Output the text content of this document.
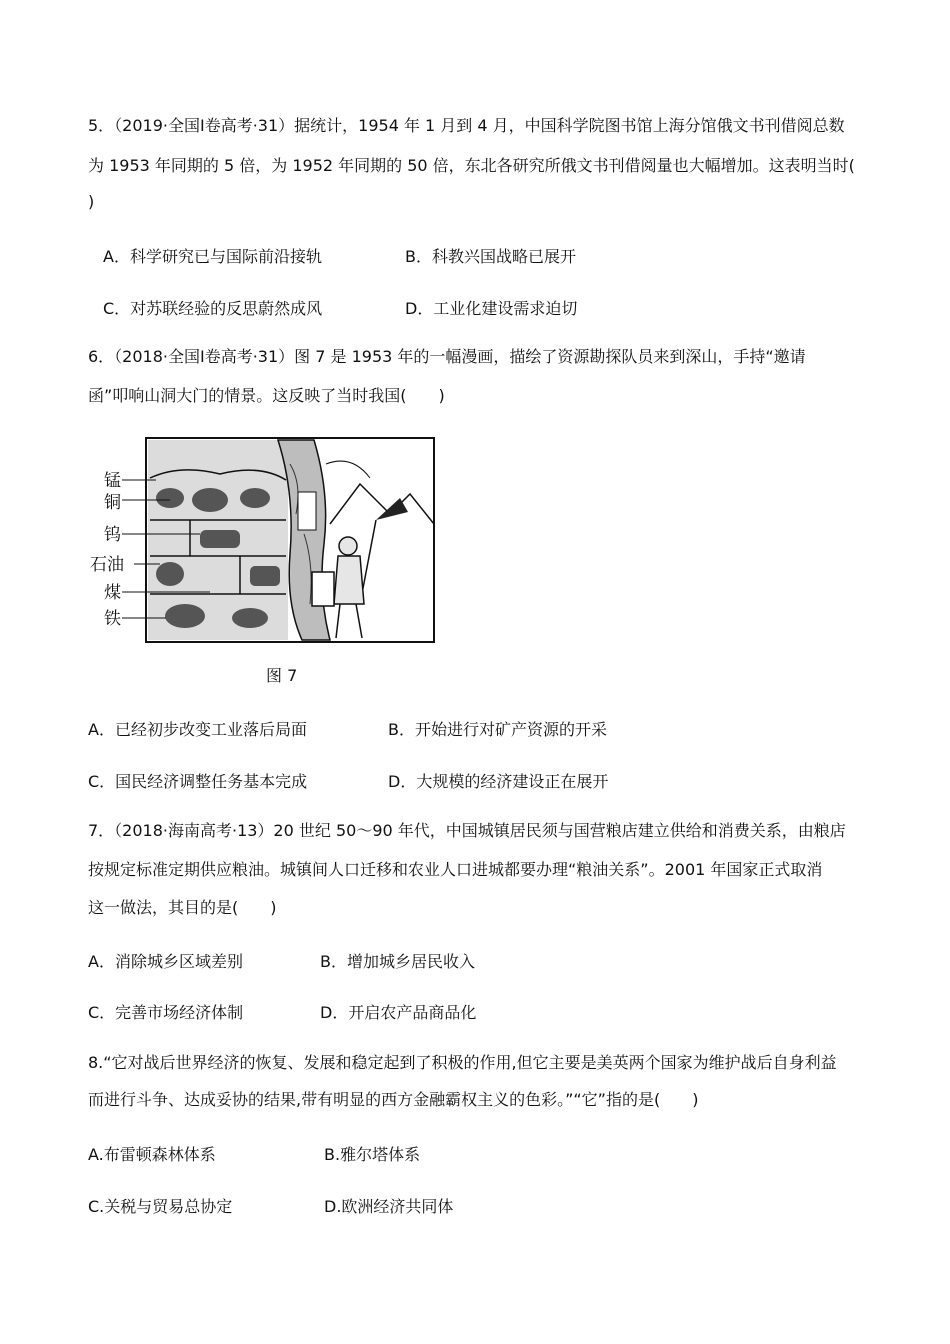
5．（2019·全国Ⅰ卷高考·31）据统计，1954 年 1 月到 4 月，中国科学院图书馆上海分馆俄文书刊借阅总数
为 1953 年同期的 5 倍，为 1952 年同期的 50 倍，东北各研究所俄文书刊借阅量也大幅增加。这表明当时(
)
A．科学研究已与国际前沿接轨	B．科教兴国战略已展开
C．对苏联经验的反思蔚然成风	D．工业化建设需求迫切
6．（2018·全国Ⅰ卷高考·31）图 7 是 1953 年的一幅漫画，描绘了资源勘探队员来到深山，手持“邀请
函”叩响山洞大门的情景。这反映了当时我国(　　)
锰
铜
钨
石油
煤
铁
图 7
A．已经初步改变工业落后局面	B．开始进行对矿产资源的开采
C．国民经济调整任务基本完成	D．大规模的经济建设正在展开
7．（2018·海南高考·13）20 世纪 50～90 年代，中国城镇居民须与国营粮店建立供给和消费关系，由粮店
按规定标准定期供应粮油。城镇间人口迁移和农业人口进城都要办理“粮油关系”。2001 年国家正式取消
这一做法，其目的是(　　)
A．消除城乡区域差别	B．增加城乡居民收入
C．完善市场经济体制	D．开启农产品商品化
8.“它对战后世界经济的恢复、发展和稳定起到了积极的作用,但它主要是美英两个国家为维护战后自身利益
而进行斗争、达成妥协的结果,带有明显的西方金融霸权主义的色彩。”“它”指的是(　　)
A.布雷顿森林体系	B.雅尔塔体系
C.关税与贸易总协定	D.欧洲经济共同体
